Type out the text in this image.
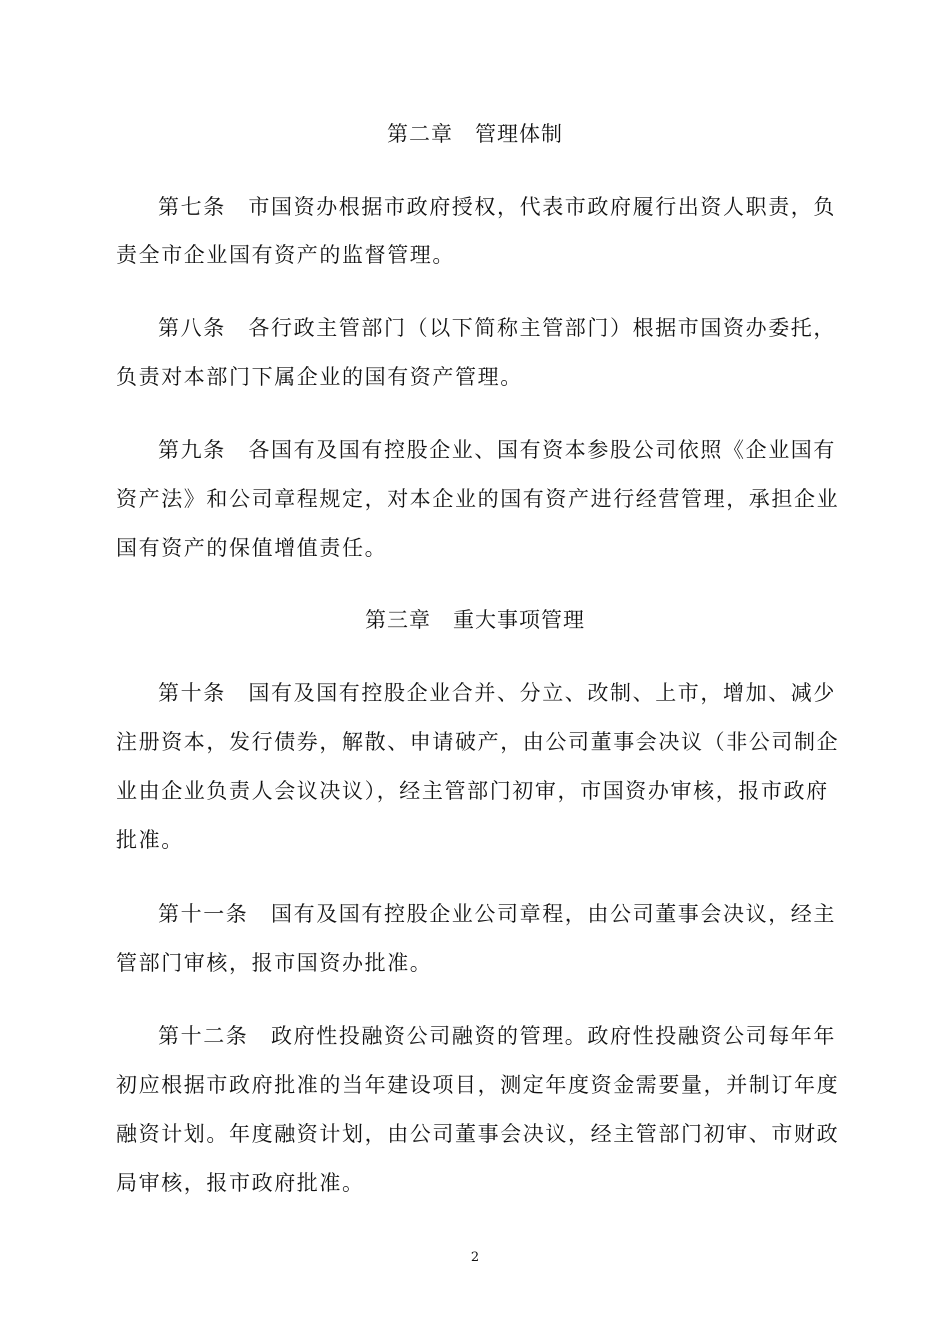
第二章　管理体制
第七条　市国资办根据市政府授权，代表市政府履行出资人职责，负
责全市企业国有资产的监督管理。
第八条　各行政主管部门（以下简称主管部门）根据市国资办委托，
负责对本部门下属企业的国有资产管理。
第九条　各国有及国有控股企业、国有资本参股公司依照《企业国有
资产法》和公司章程规定，对本企业的国有资产进行经营管理，承担企业
国有资产的保值增值责任。
第三章　重大事项管理
第十条　国有及国有控股企业合并、分立、改制、上市，增加、减少
注册资本，发行债券，解散、申请破产，由公司董事会决议（非公司制企
业由企业负责人会议决议），经主管部门初审，市国资办审核，报市政府
批准。
第十一条　国有及国有控股企业公司章程，由公司董事会决议，经主
管部门审核，报市国资办批准。
第十二条　政府性投融资公司融资的管理。政府性投融资公司每年年
初应根据市政府批准的当年建设项目，测定年度资金需要量，并制订年度
融资计划。年度融资计划，由公司董事会决议，经主管部门初审、市财政
局审核，报市政府批准。
2
